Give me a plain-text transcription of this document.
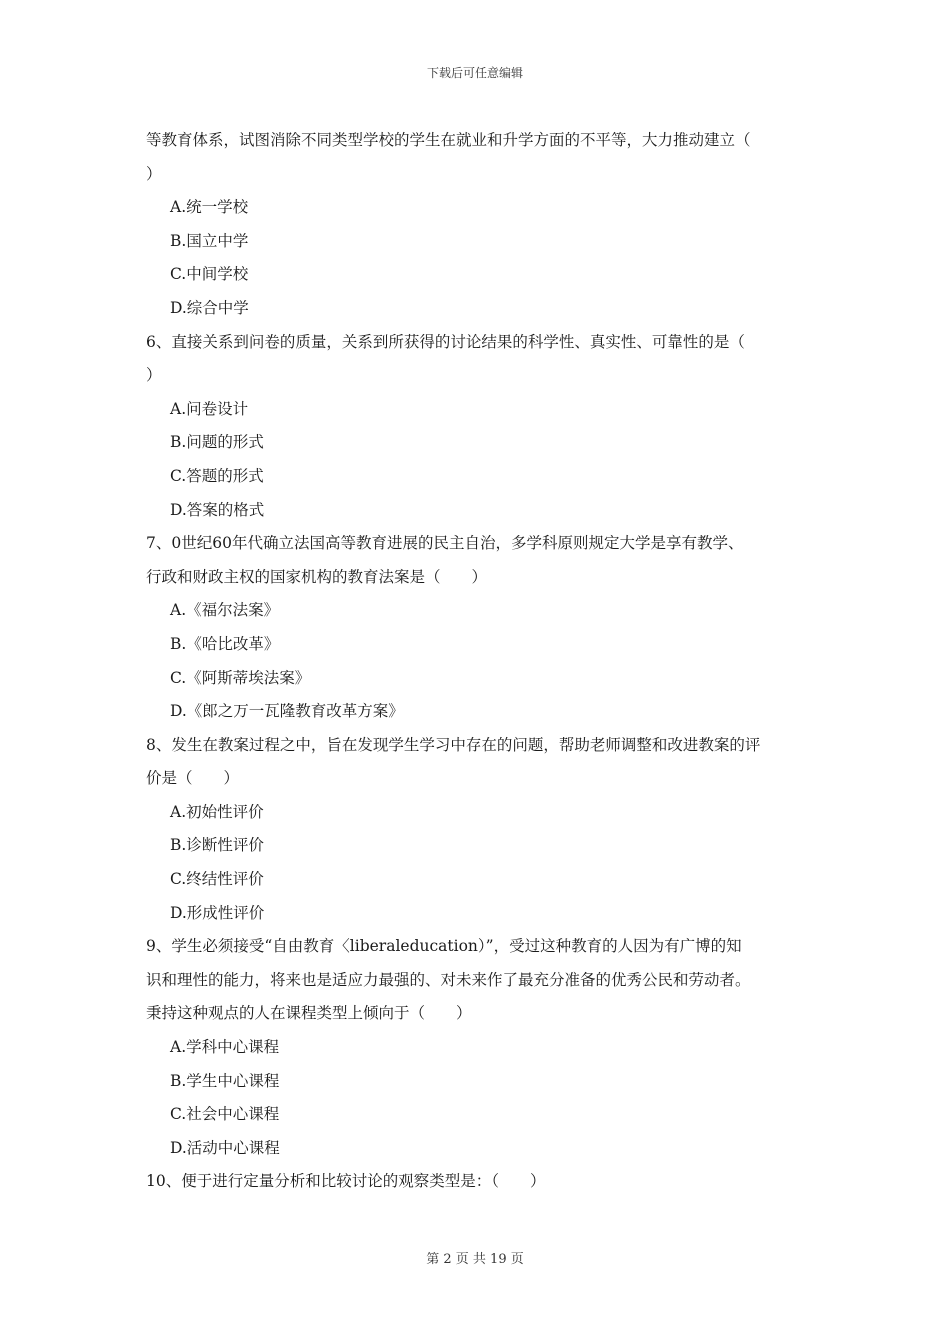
下载后可任意编辑
等教育体系，试图消除不同类型学校的学生在就业和升学方面的不平等，大力推动建立（
）
A.统一学校
B.国立中学
C.中间学校
D.综合中学
6、直接关系到问卷的质量，关系到所获得的讨论结果的科学性、真实性、可靠性的是（
）
A.问卷设计
B.问题的形式
C.答题的形式
D.答案的格式
7、0世纪60年代确立法国高等教育进展的民主自治，多学科原则规定大学是享有教学、
行政和财政主权的国家机构的教育法案是（　　）
A.《福尔法案》
B.《哈比改革》
C.《阿斯蒂埃法案》
D.《郎之万一瓦隆教育改革方案》
8、发生在教案过程之中，旨在发现学生学习中存在的问题，帮助老师调整和改进教案的评
价是（　　）
A.初始性评价
B.诊断性评价
C.终结性评价
D.形成性评价
9、学生必须接受“自由教育〈liberaleducation）”，受过这种教育的人因为有广博的知
识和理性的能力，将来也是适应力最强的、对未来作了最充分准备的优秀公民和劳动者。
秉持这种观点的人在课程类型上倾向于（　　）
A.学科中心课程
B.学生中心课程
C.社会中心课程
D.活动中心课程
10、便于进行定量分析和比较讨论的观察类型是：（　　）
第 2 页 共 19 页
